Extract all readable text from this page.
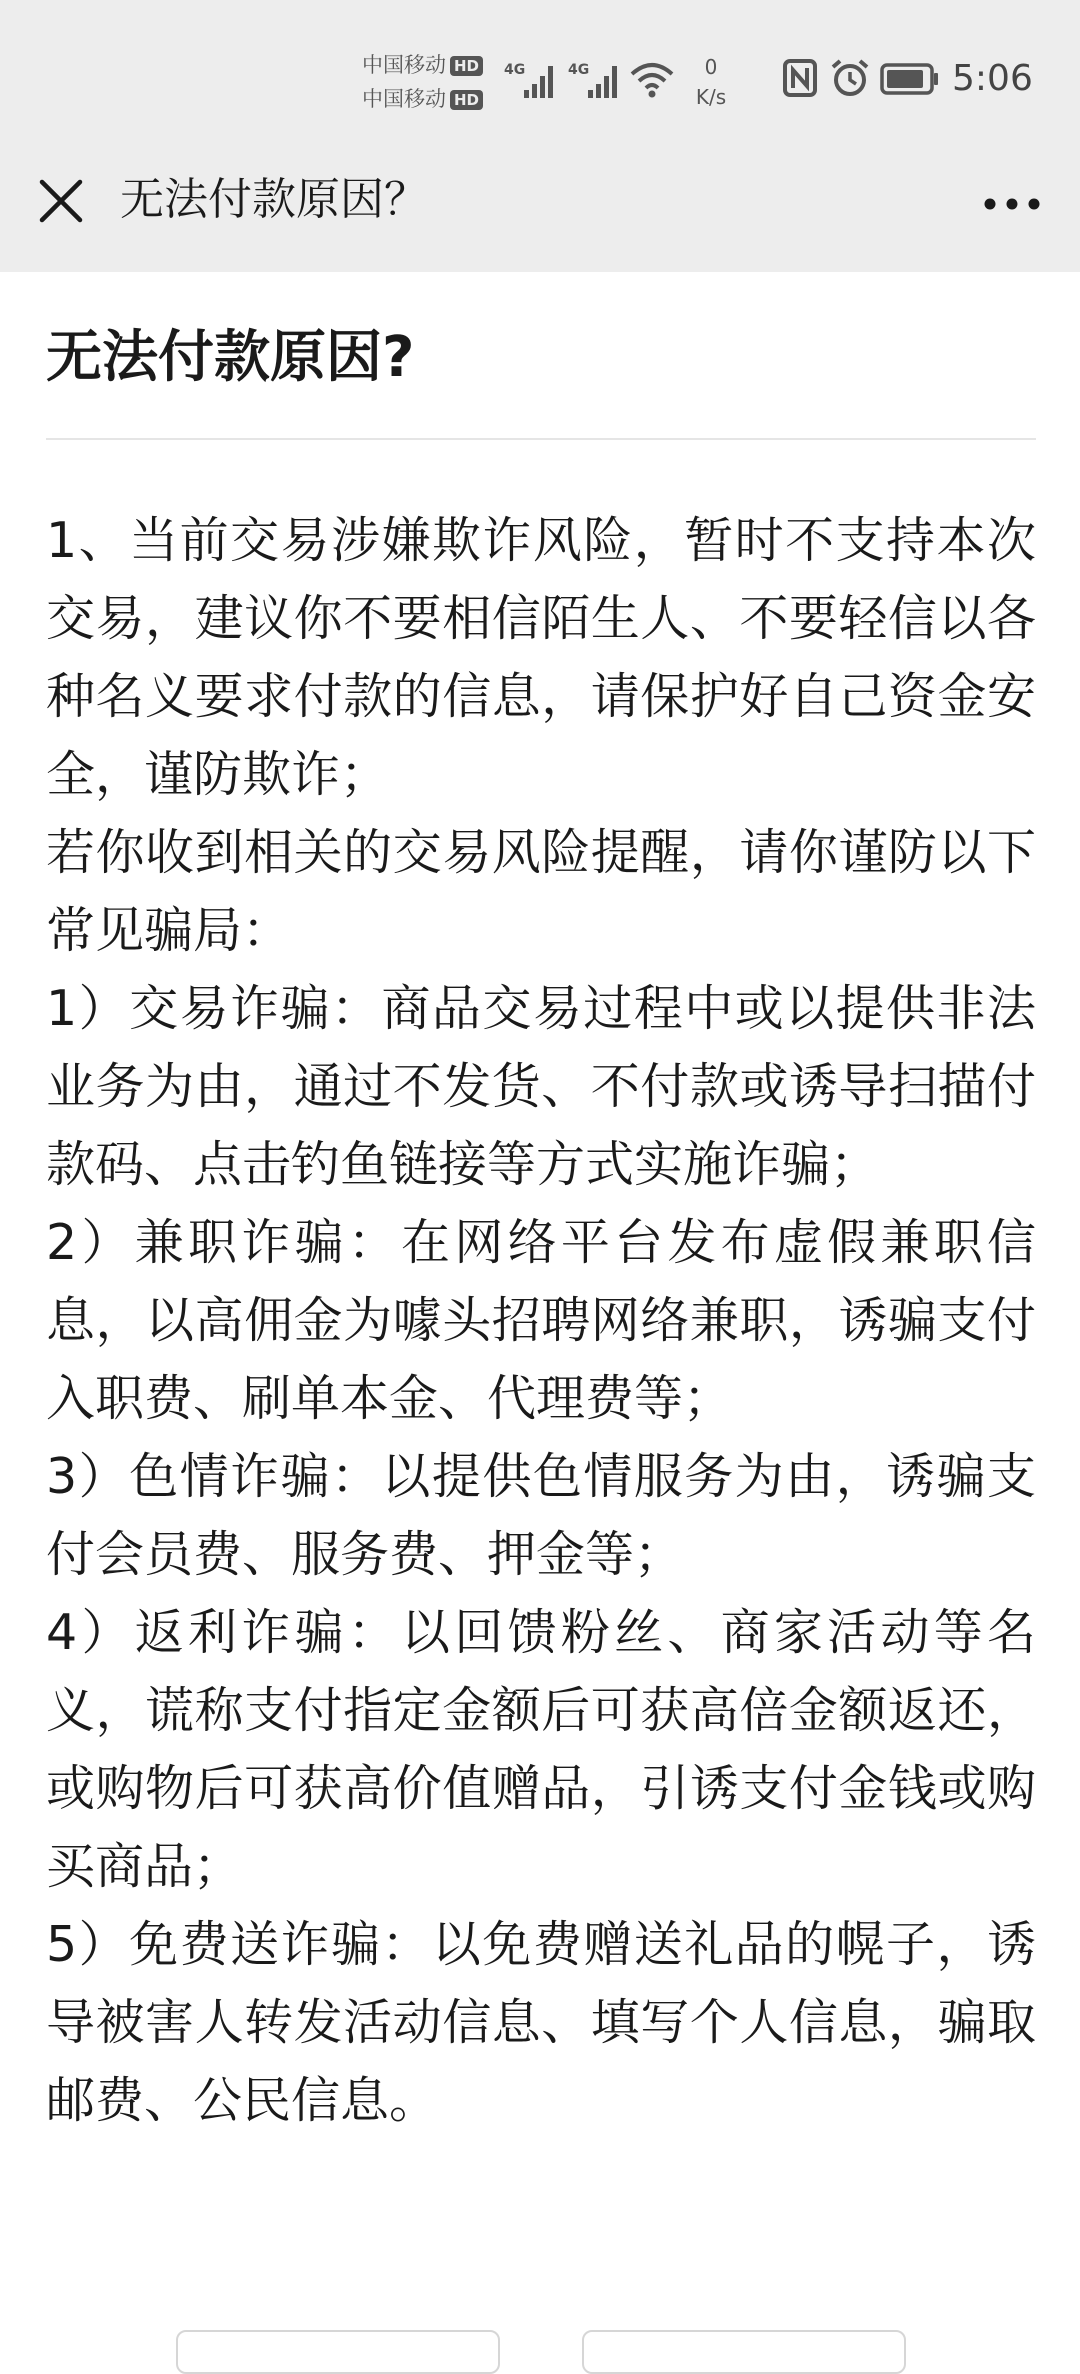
中国移动 HD
中国移动 HD
4G	4G	0
K/s	5:06
无法付款原因？
无法付款原因?

1、当前交易涉嫌欺诈风险，暂时不支持本次交易，建议你不要相信陌生人、不要轻信以各种名义要求付款的信息，请保护好自己资金安全，谨防欺诈；

若你收到相关的交易风险提醒，请你谨防以下常见骗局：

1）交易诈骗：商品交易过程中或以提供非法业务为由，通过不发货、不付款或诱导扫描付款码、点击钓鱼链接等方式实施诈骗；

2）兼职诈骗：在网络平台发布虚假兼职信息，以高佣金为噱头招聘网络兼职，诱骗支付入职费、刷单本金、代理费等；

3）色情诈骗：以提供色情服务为由，诱骗支付会员费、服务费、押金等；

4）返利诈骗：以回馈粉丝、商家活动等名义，谎称支付指定金额后可获高倍金额返还，或购物后可获高价值赠品，引诱支付金钱或购买商品；

5）免费送诈骗：以免费赠送礼品的幌子，诱导被害人转发活动信息、填写个人信息，骗取邮费、公民信息。
